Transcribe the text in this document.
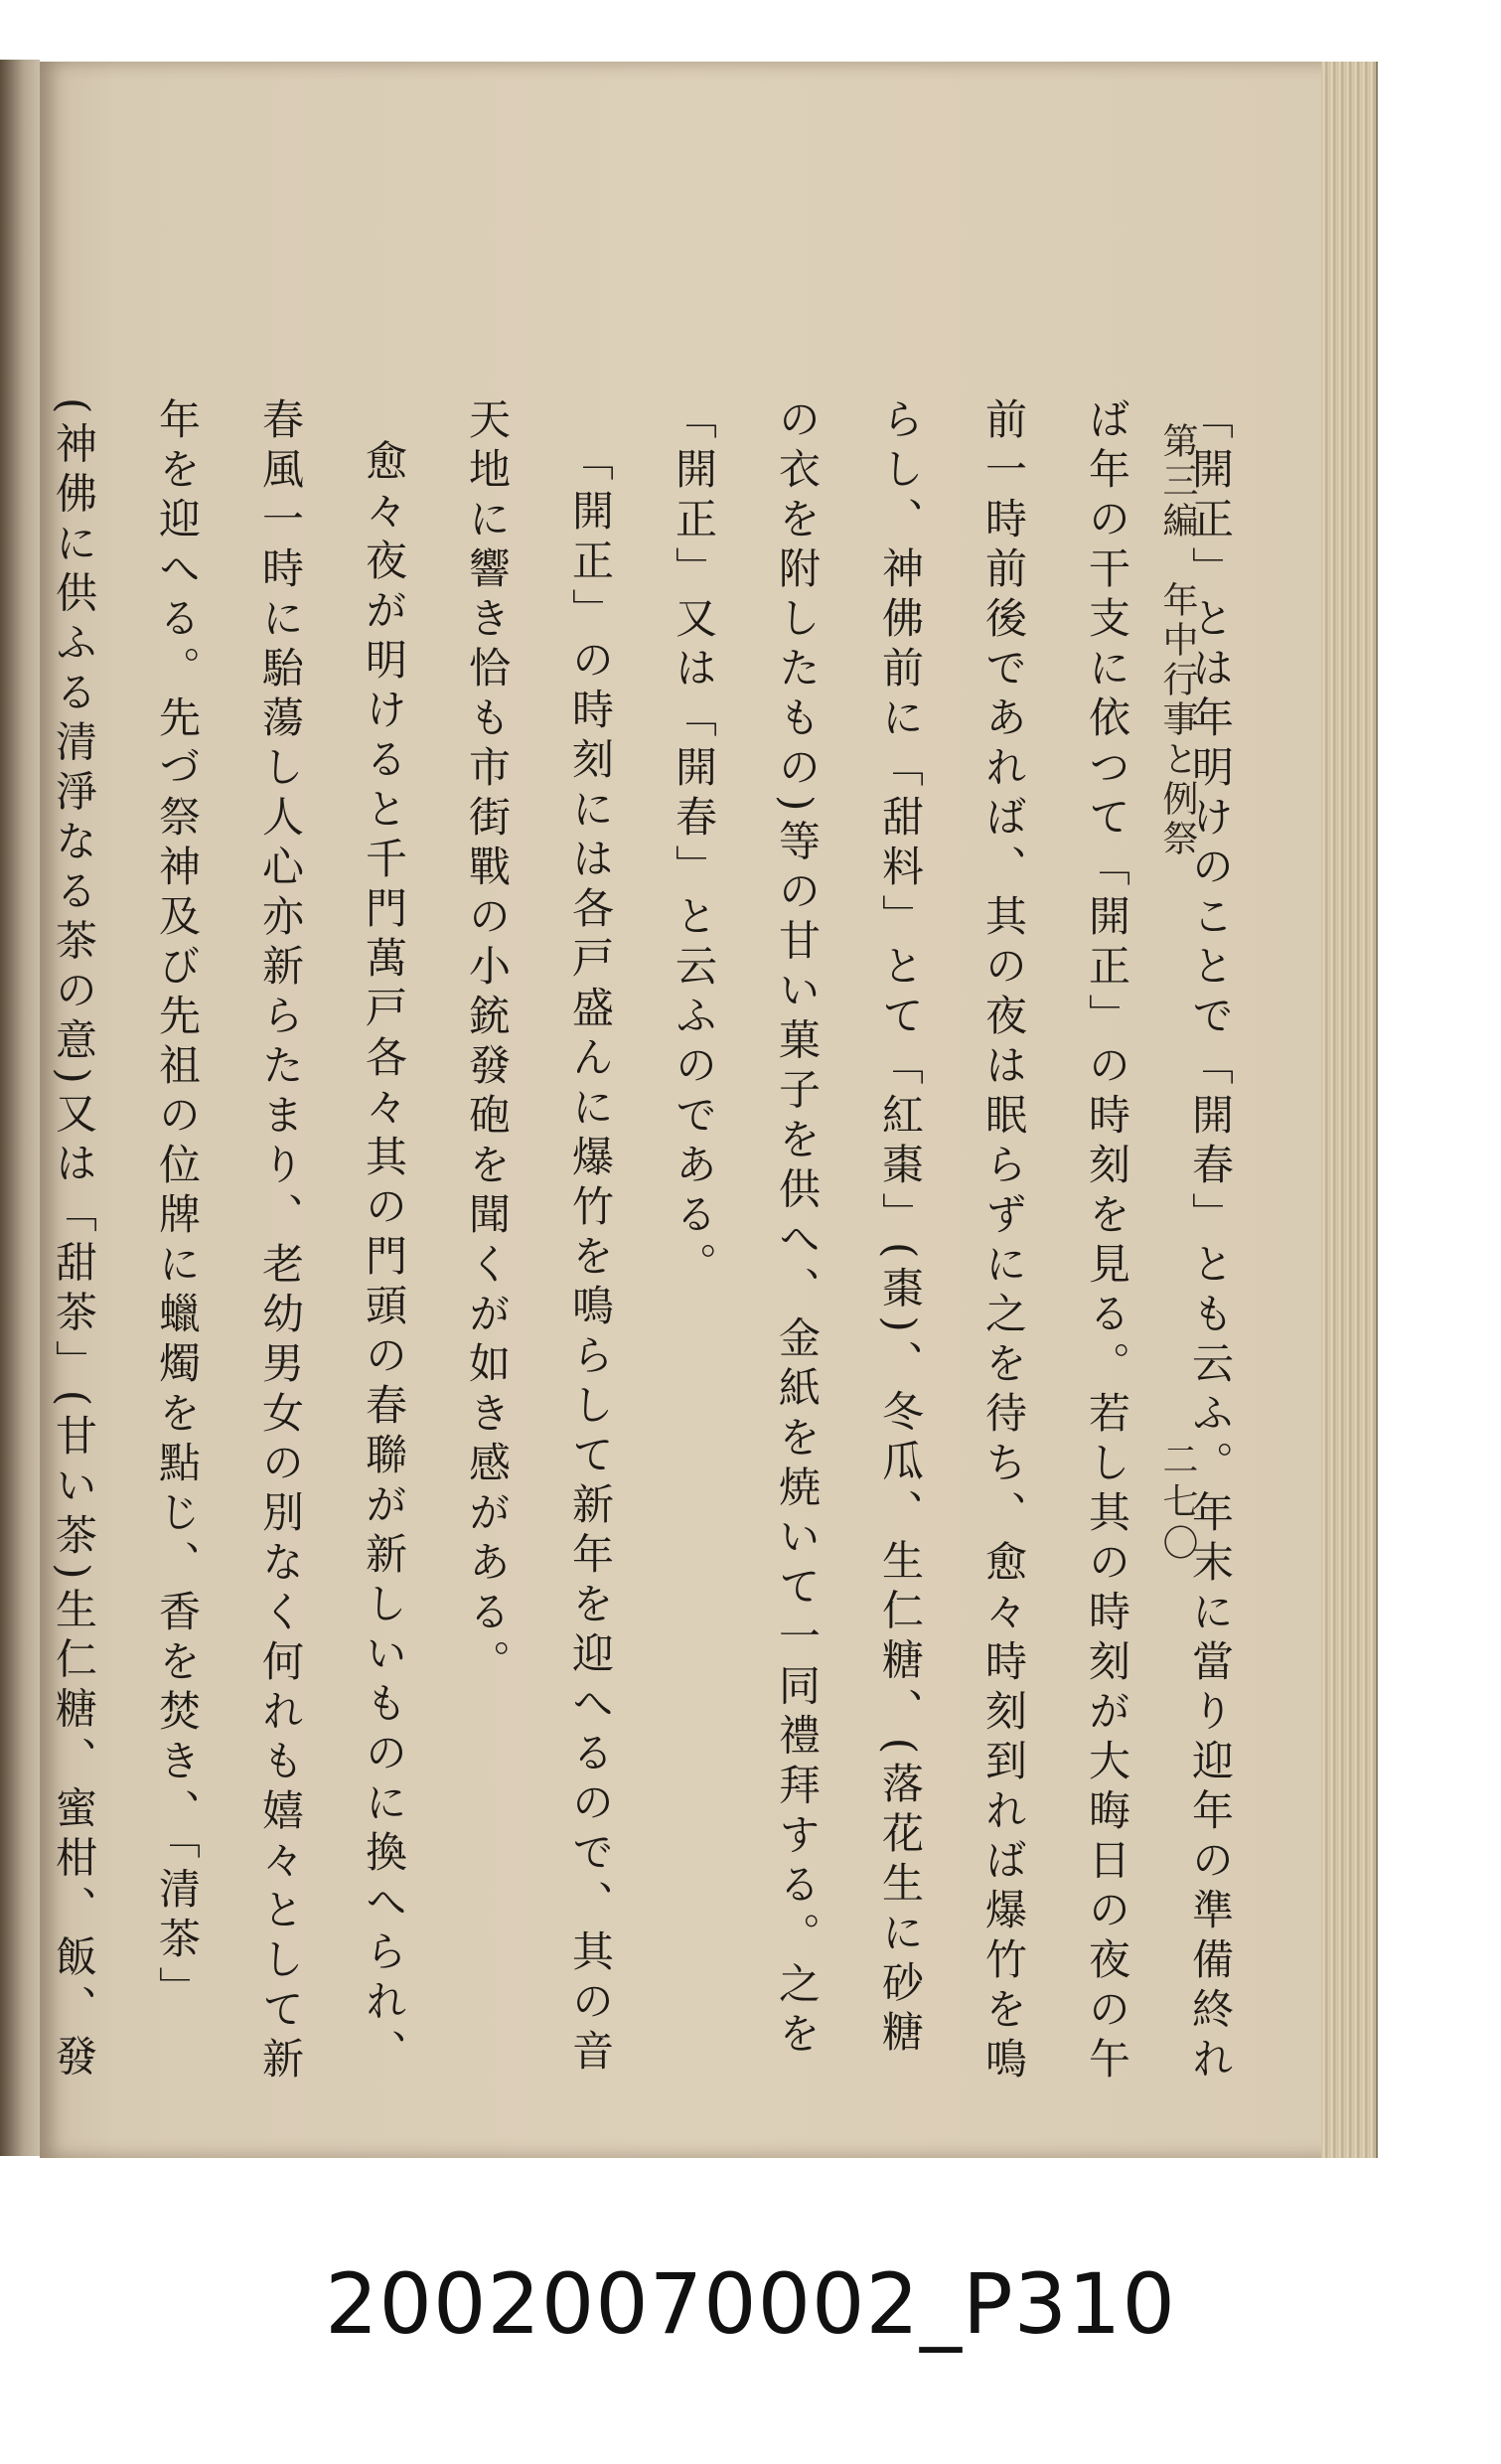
第三編　年中行事と例祭
二七〇

「開正」とは年明けのことで「開春」とも云ふ。年末に當り迎年の準備終れば年の干支に依つて「開正」の時刻を見る。若し其の時刻が大晦日の夜の午前一時前後であれば、其の夜は眠らずに之を待ち、愈々時刻到れば爆竹を鳴らし、神佛前に「甜料」とて「紅棗」(棗)、冬瓜、生仁糖、(落花生に砂糖の衣を附したもの)等の甘い菓子を供へ、金紙を焼いて一同禮拜する。之を「開正」又は「開春」と云ふのである。

「開正」の時刻には各戸盛んに爆竹を鳴らして新年を迎へるので、其の音天地に響き恰も市街戰の小銃發砲を聞くが如き感がある。

愈々夜が明けると千門萬戸各々其の門頭の春聯が新しいものに換へられ、春風一時に駘蕩し人心亦新らたまり、老幼男女の別なく何れも嬉々として新年を迎へる。先づ祭神及び先祖の位牌に蠟燭を點じ、香を焚き、「清茶」(神佛に供ふる清淨なる茶の意)又は「甜茶」(甘い茶)生仁糖、蜜柑、飯、發

20020070002_P310
